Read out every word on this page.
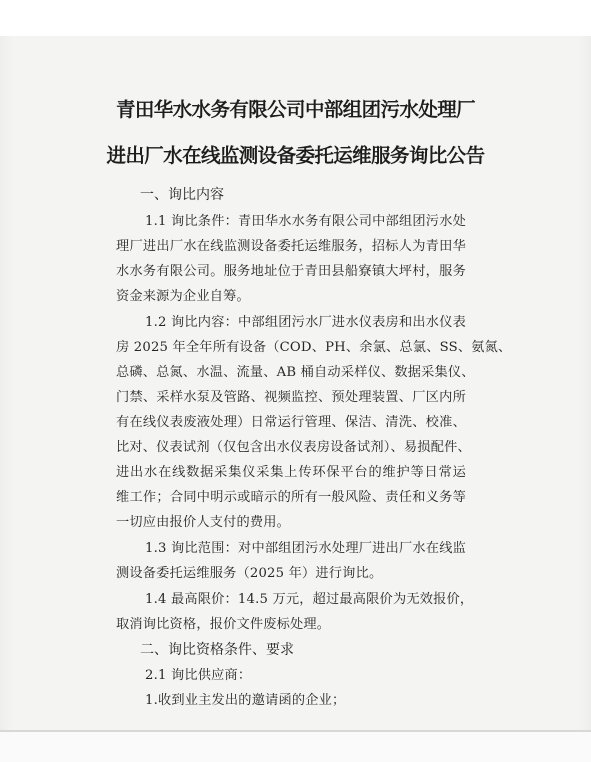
青田华水水务有限公司中部组团污水处理厂
进出厂水在线监测设备委托运维服务询比公告
一、询比内容
1.1 询比条件：青田华水水务有限公司中部组团污水处
理厂进出厂水在线监测设备委托运维服务，招标人为青田华
水水务有限公司。服务地址位于青田县船寮镇大坪村，服务
资金来源为企业自筹。
1.2 询比内容：中部组团污水厂进水仪表房和出水仪表
房 2025 年全年所有设备（COD、PH、余氯、总氯、SS、氨氮、
总磷、总氮、水温、流量、AB 桶自动采样仪、数据采集仪、
门禁、采样水泵及管路、视频监控、预处理装置、厂区内所
有在线仪表废液处理）日常运行管理、保洁、清洗、校准、
比对、仪表试剂（仅包含出水仪表房设备试剂）、易损配件、
进出水在线数据采集仪采集上传环保平台的维护等日常运
维工作；合同中明示或暗示的所有一般风险、责任和义务等
一切应由报价人支付的费用。
1.3 询比范围：对中部组团污水处理厂进出厂水在线监
测设备委托运维服务（2025 年）进行询比。
1.4 最高限价：14.5 万元，超过最高限价为无效报价，
取消询比资格，报价文件废标处理。
二、询比资格条件、要求
2.1 询比供应商：
1.收到业主发出的邀请函的企业；
